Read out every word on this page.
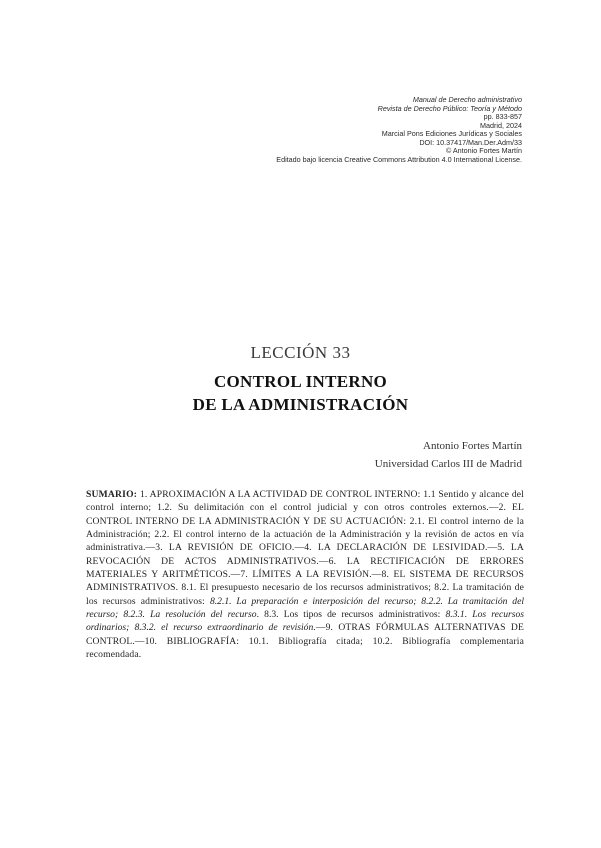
Manual de Derecho administrativo
Revista de Derecho Público: Teoría y Método
pp. 833-857
Madrid, 2024
Marcial Pons Ediciones Jurídicas y Sociales
DOI: 10.37417/Man.Der.Adm/33
© Antonio Fortes Martín
Editado bajo licencia Creative Commons Attribution 4.0 International License.
LECCIÓN 33
CONTROL INTERNO
DE LA ADMINISTRACIÓN
Antonio Fortes Martín
Universidad Carlos III de Madrid
SUMARIO: 1. APROXIMACIÓN A LA ACTIVIDAD DE CONTROL INTERNO: 1.1 Sentido y alcance del control interno; 1.2. Su delimitación con el control judicial y con otros controles externos.—2. EL CONTROL INTERNO DE LA ADMINISTRACIÓN Y DE SU ACTUACIÓN: 2.1. El control interno de la Administración; 2.2. El control interno de la actuación de la Administración y la revisión de actos en vía administrativa.—3. LA REVISIÓN DE OFICIO.—4. LA DECLARACIÓN DE LESIVIDAD.—5. LA REVOCACIÓN DE ACTOS ADMINISTRATIVOS.—6. LA RECTIFICACIÓN DE ERRORES MATERIALES Y ARITMÉTICOS.—7. LÍMITES A LA REVISIÓN.—8. EL SISTEMA DE RECURSOS ADMINISTRATIVOS. 8.1. El presupuesto necesario de los recursos administrativos; 8.2. La tramitación de los recursos administrativos: 8.2.1. La preparación e interposición del recurso; 8.2.2. La tramitación del recurso; 8.2.3. La resolución del recurso. 8.3. Los tipos de recursos administrativos: 8.3.1. Los recursos ordinarios; 8.3.2. el recurso extraordinario de revisión.—9. OTRAS FÓRMULAS ALTERNATIVAS DE CONTROL.—10. BIBLIOGRAFÍA: 10.1. Bibliografía citada; 10.2. Bibliografía complementaria recomendada.
